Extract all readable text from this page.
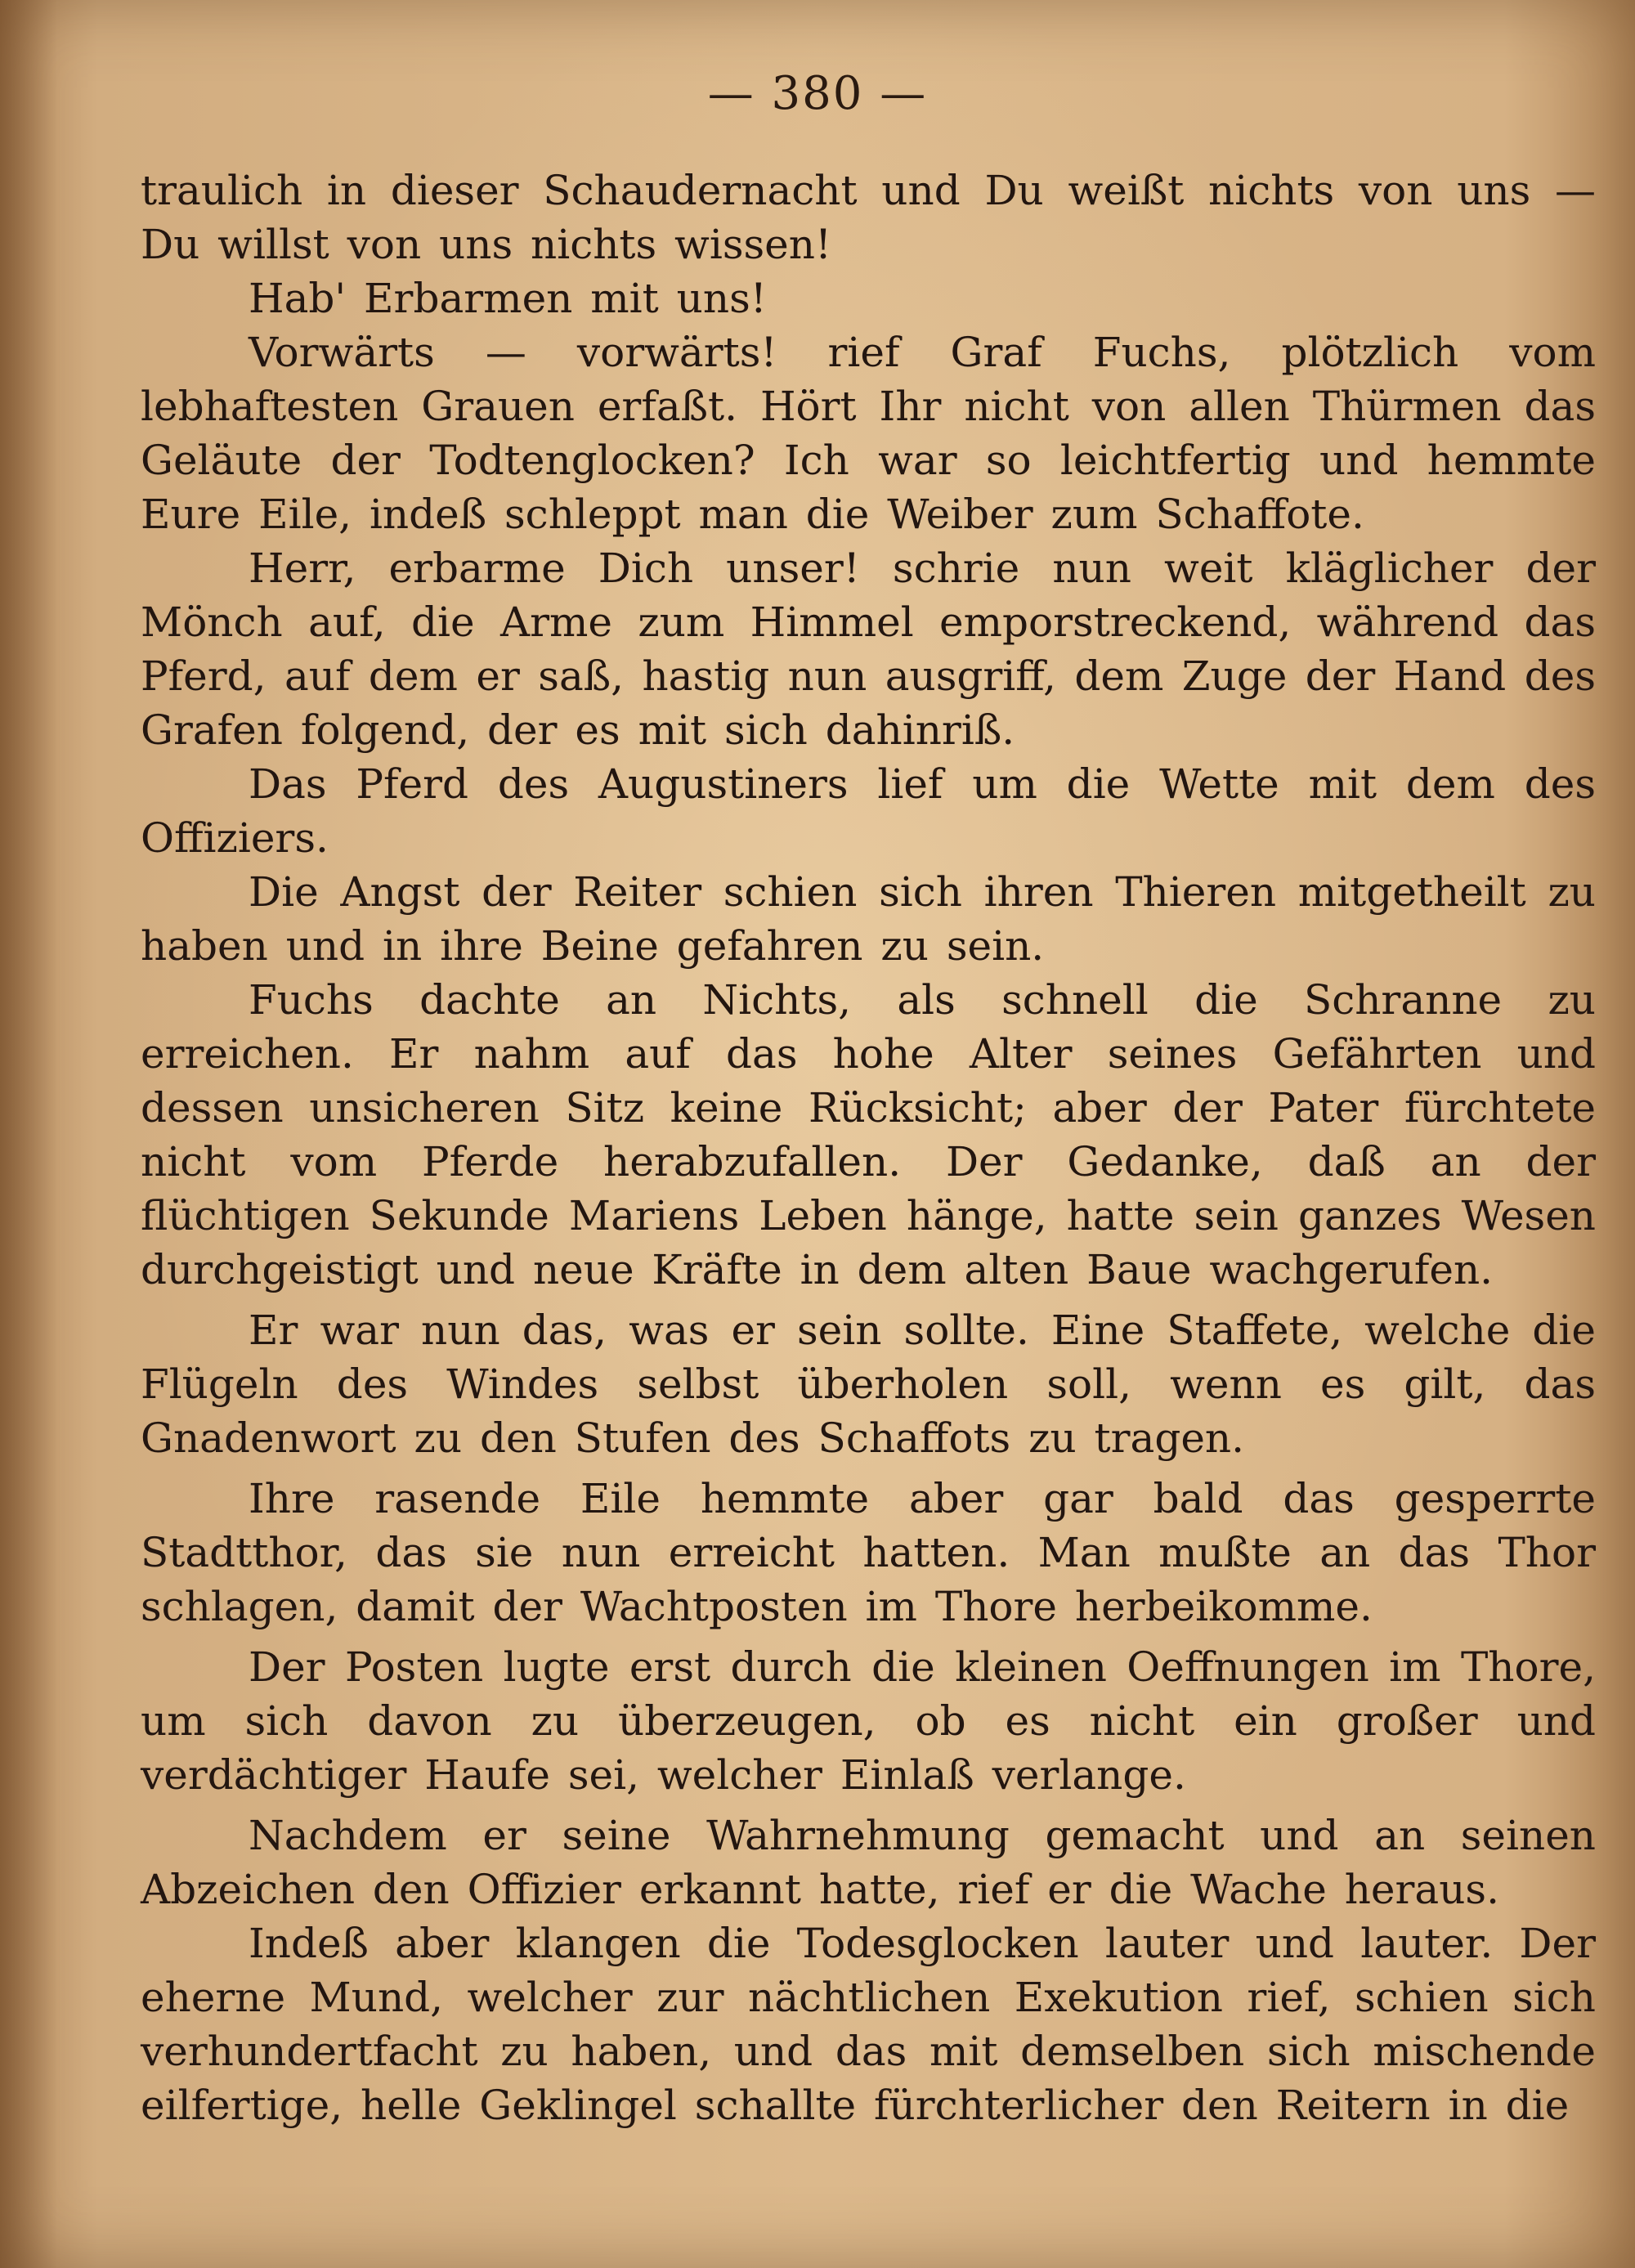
— 380 —

traulich in dieser Schaudernacht und Du weißt nichts von uns — Du willst von uns nichts wissen!

Hab' Erbarmen mit uns!

Vorwärts — vorwärts! rief Graf Fuchs, plötzlich vom lebhaftesten Grauen erfaßt. Hört Ihr nicht von allen Thürmen das Geläute der Todtenglocken? Ich war so leichtfertig und hemmte Eure Eile, indeß schleppt man die Weiber zum Schaffote.

Herr, erbarme Dich unser! schrie nun weit kläglicher der Mönch auf, die Arme zum Himmel emporstreckend, während das Pferd, auf dem er saß, hastig nun ausgriff, dem Zuge der Hand des Grafen folgend, der es mit sich dahinriß.

Das Pferd des Augustiners lief um die Wette mit dem des Offiziers.

Die Angst der Reiter schien sich ihren Thieren mitgetheilt zu haben und in ihre Beine gefahren zu sein.

Fuchs dachte an Nichts, als schnell die Schranne zu erreichen. Er nahm auf das hohe Alter seines Gefährten und dessen unsicheren Sitz keine Rücksicht; aber der Pater fürchtete nicht vom Pferde herabzufallen. Der Gedanke, daß an der flüchtigen Sekunde Mariens Leben hänge, hatte sein ganzes Wesen durchgeistigt und neue Kräfte in dem alten Baue wachgerufen.

Er war nun das, was er sein sollte. Eine Staffete, welche die Flügeln des Windes selbst überholen soll, wenn es gilt, das Gnadenwort zu den Stufen des Schaffots zu tragen.

Ihre rasende Eile hemmte aber gar bald das gesperrte Stadtthor, das sie nun erreicht hatten. Man mußte an das Thor schlagen, damit der Wachtposten im Thore herbeikomme.

Der Posten lugte erst durch die kleinen Oeffnungen im Thore, um sich davon zu überzeugen, ob es nicht ein großer und verdächtiger Haufe sei, welcher Einlaß verlange.

Nachdem er seine Wahrnehmung gemacht und an seinen Abzeichen den Offizier erkannt hatte, rief er die Wache heraus.

Indeß aber klangen die Todesglocken lauter und lauter. Der eherne Mund, welcher zur nächtlichen Exekution rief, schien sich verhundertfacht zu haben, und das mit demselben sich mischende eilfertige, helle Geklingel schallte fürchterlicher den Reitern in die
